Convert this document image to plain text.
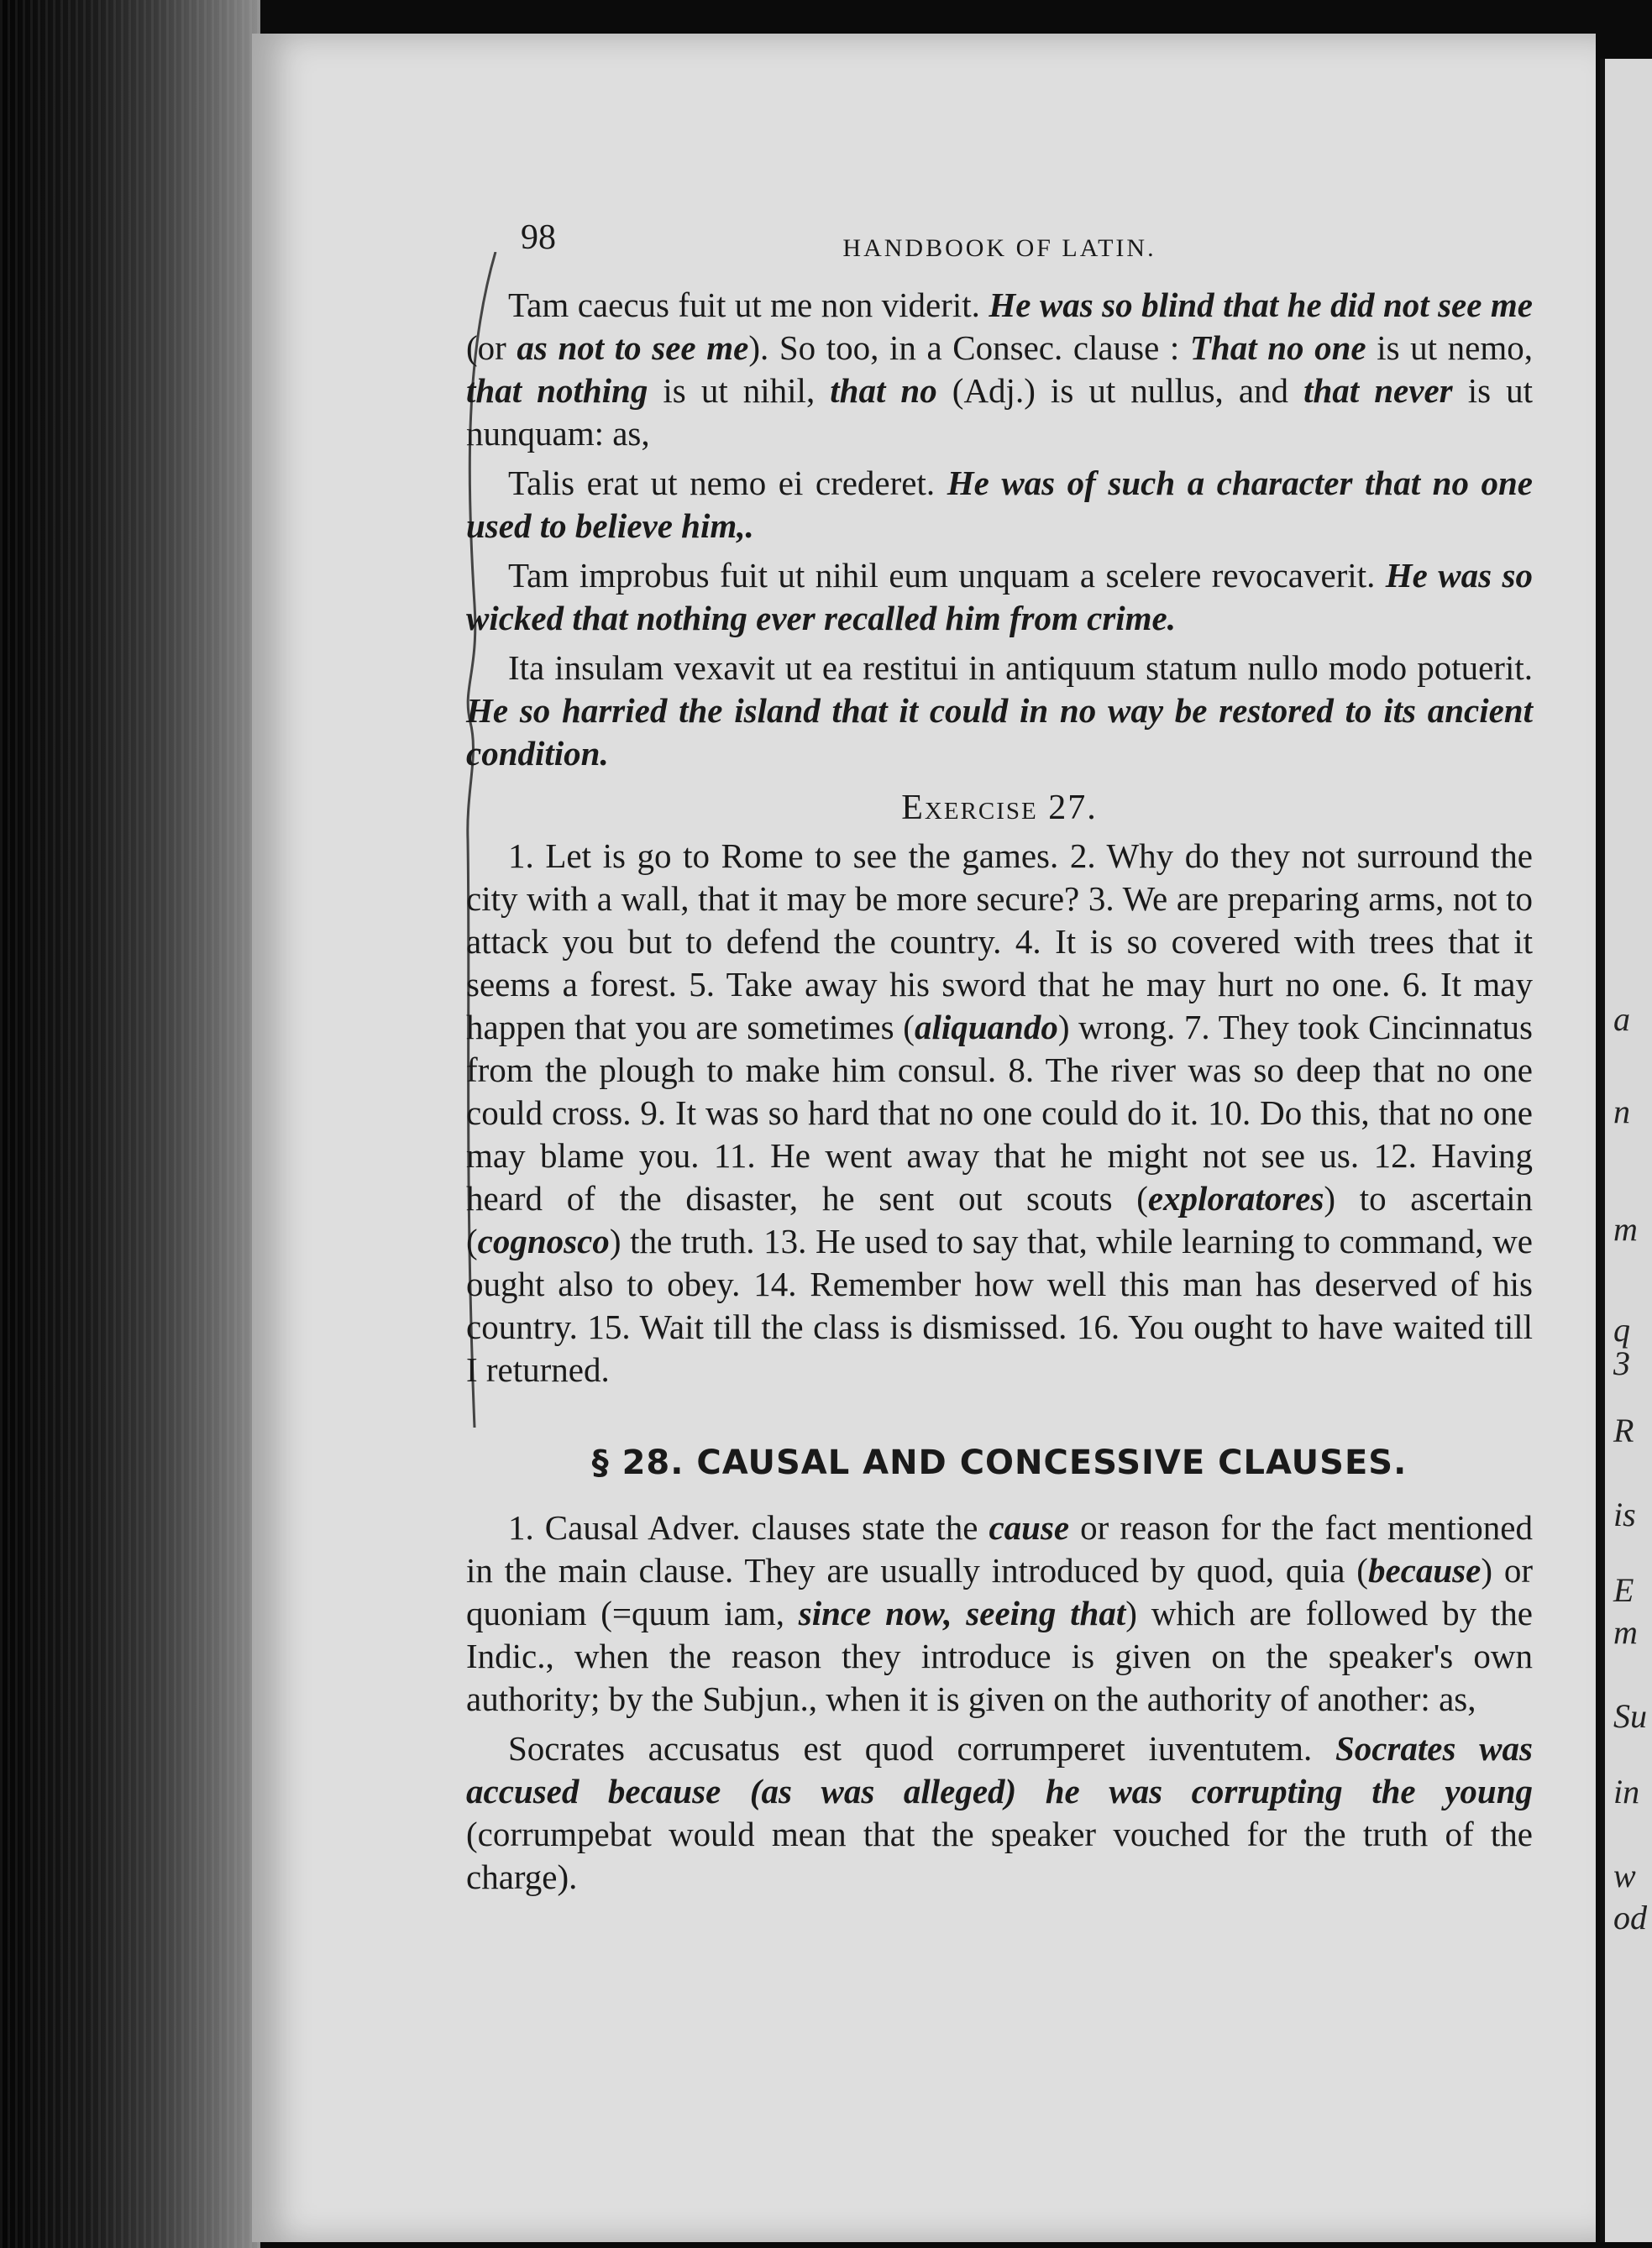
a
n
m
q
3
R
is
E
m
Su
in
w
od
98	HANDBOOK OF LATIN.

Tam caecus fuit ut me non viderit. He was so blind that he did not see me (or as not to see me). So too, in a Consec. clause : That no one is ut nemo, that nothing is ut nihil, that no (Adj.) is ut nullus, and that never is ut nunquam: as,

Talis erat ut nemo ei crederet. He was of such a character that no one used to believe him,.

Tam improbus fuit ut nihil eum unquam a scelere revocaverit. He was so wicked that nothing ever recalled him from crime.

Ita insulam vexavit ut ea restitui in antiquum statum nullo modo potuerit. He so harried the island that it could in no way be restored to its ancient condition.

Exercise 27.

1. Let is go to Rome to see the games. 2. Why do they not surround the city with a wall, that it may be more secure? 3. We are preparing arms, not to attack you but to defend the country. 4. It is so covered with trees that it seems a forest. 5. Take away his sword that he may hurt no one. 6. It may happen that you are sometimes (aliquando) wrong. 7. They took Cincinnatus from the plough to make him consul. 8. The river was so deep that no one could cross. 9. It was so hard that no one could do it. 10. Do this, that no one may blame you. 11. He went away that he might not see us. 12. Having heard of the disaster, he sent out scouts (exploratores) to ascertain (cognosco) the truth. 13. He used to say that, while learning to command, we ought also to obey. 14. Remember how well this man has deserved of his country. 15. Wait till the class is dismissed. 16. You ought to have waited till I returned.

§ 28. CAUSAL AND CONCESSIVE CLAUSES.

1. Causal Adver. clauses state the cause or reason for the fact mentioned in the main clause. They are usually introduced by quod, quia (because) or quoniam (=quum iam, since now, seeing that) which are followed by the Indic., when the reason they introduce is given on the speaker's own authority; by the Subjun., when it is given on the authority of another: as,

Socrates accusatus est quod corrumperet iuventutem. Socrates was accused because (as was alleged) he was corrupting the young (corrumpebat would mean that the speaker vouched for the truth of the charge).
